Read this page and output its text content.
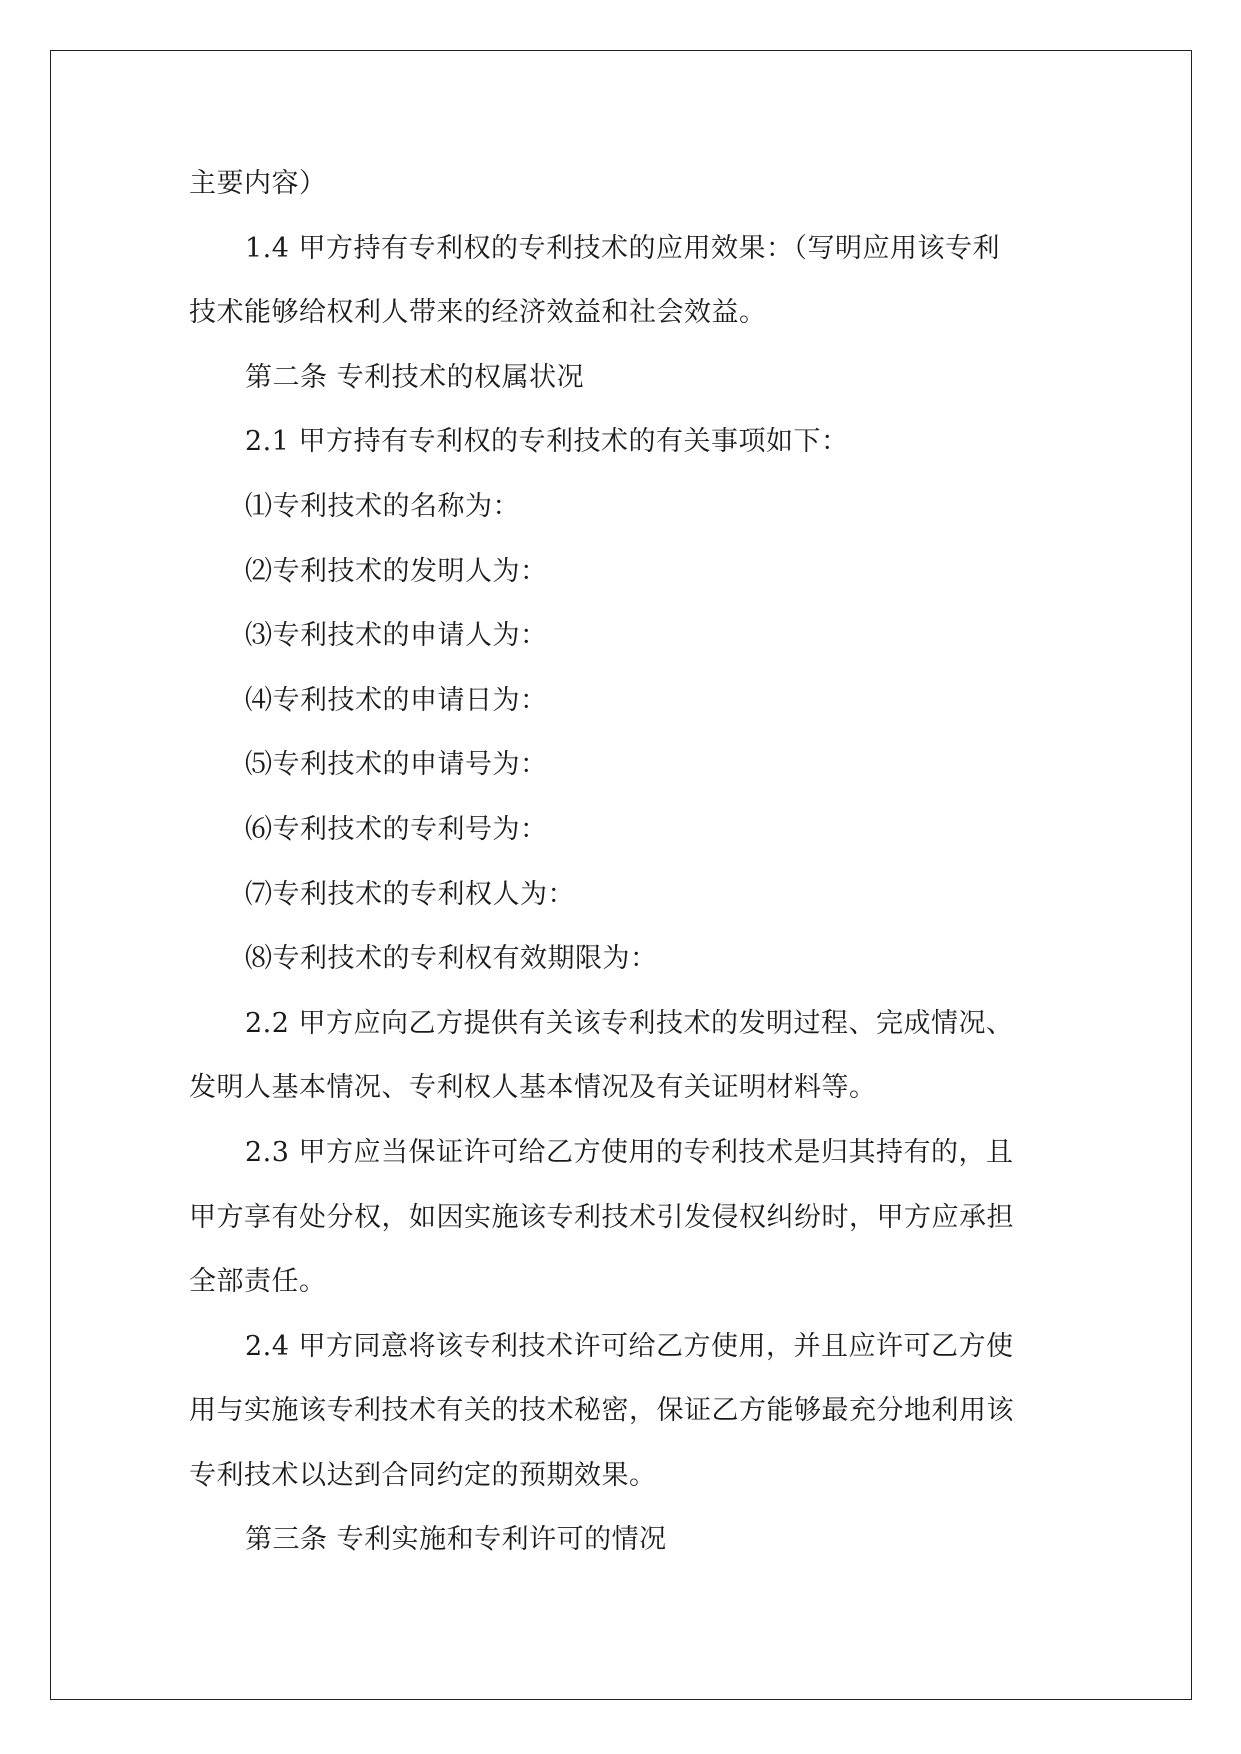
主要内容）
1.4 甲方持有专利权的专利技术的应用效果：（写明应用该专利
技术能够给权利人带来的经济效益和社会效益。
第二条 专利技术的权属状况
2.1 甲方持有专利权的专利技术的有关事项如下：
⑴专利技术的名称为：
⑵专利技术的发明人为：
⑶专利技术的申请人为：
⑷专利技术的申请日为：
⑸专利技术的申请号为：
⑹专利技术的专利号为：
⑺专利技术的专利权人为：
⑻专利技术的专利权有效期限为：
2.2 甲方应向乙方提供有关该专利技术的发明过程、完成情况、
发明人基本情况、专利权人基本情况及有关证明材料等。
2.3 甲方应当保证许可给乙方使用的专利技术是归其持有的，且
甲方享有处分权，如因实施该专利技术引发侵权纠纷时，甲方应承担
全部责任。
2.4 甲方同意将该专利技术许可给乙方使用，并且应许可乙方使
用与实施该专利技术有关的技术秘密，保证乙方能够最充分地利用该
专利技术以达到合同约定的预期效果。
第三条 专利实施和专利许可的情况
